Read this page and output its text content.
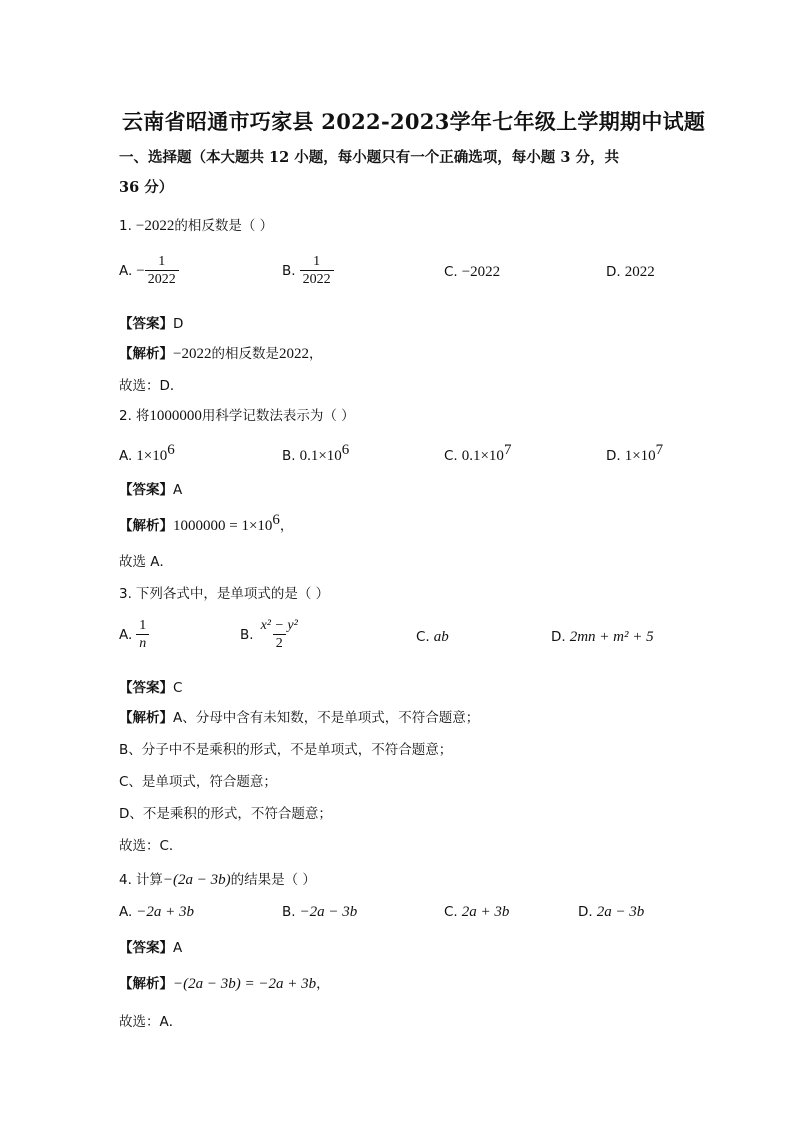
云南省昭通市巧家县 2022-2023学年七年级上学期期中试题
一、选择题（本大题共 12 小题，每小题只有一个正确选项，每小题 3 分，共
36 分）
1. −2022的相反数是（ ）
A. − $\frac{1}{2022}$	B. $\frac{1}{2022}$	C. −2022	D. 2022
【答案】D
【解析】−2022的相反数是2022，
故选：D．
2. 将1000000用科学记数法表示为（ ）
A. $1\times 10^6$	B. $0.1\times 10^6$	C. $0.1\times 10^7$	D. $1\times 10^7$
【答案】A
【解析】$1000000 = 1\times 10^6$，
故选 A．
3. 下列各式中，是单项式的是（ ）
A. $\frac{1}{n}$	B. $\frac{\text{x² − y²}}{2}$	C. ab	D. 2mn + m² + 5
【答案】C
【解析】A、分母中含有未知数，不是单项式，不符合题意；
B、分子中不是乘积的形式，不是单项式，不符合题意；
C、是单项式，符合题意；
D、不是乘积的形式，不符合题意；
故选：C．
4. 计算−(2a − 3b)的结果是（ ）
A. −2a + 3b	B. −2a − 3b	C. 2a + 3b	D. 2a − 3b
【答案】A
【解析】−(2a − 3b) = −2a + 3b，
故选：A．
